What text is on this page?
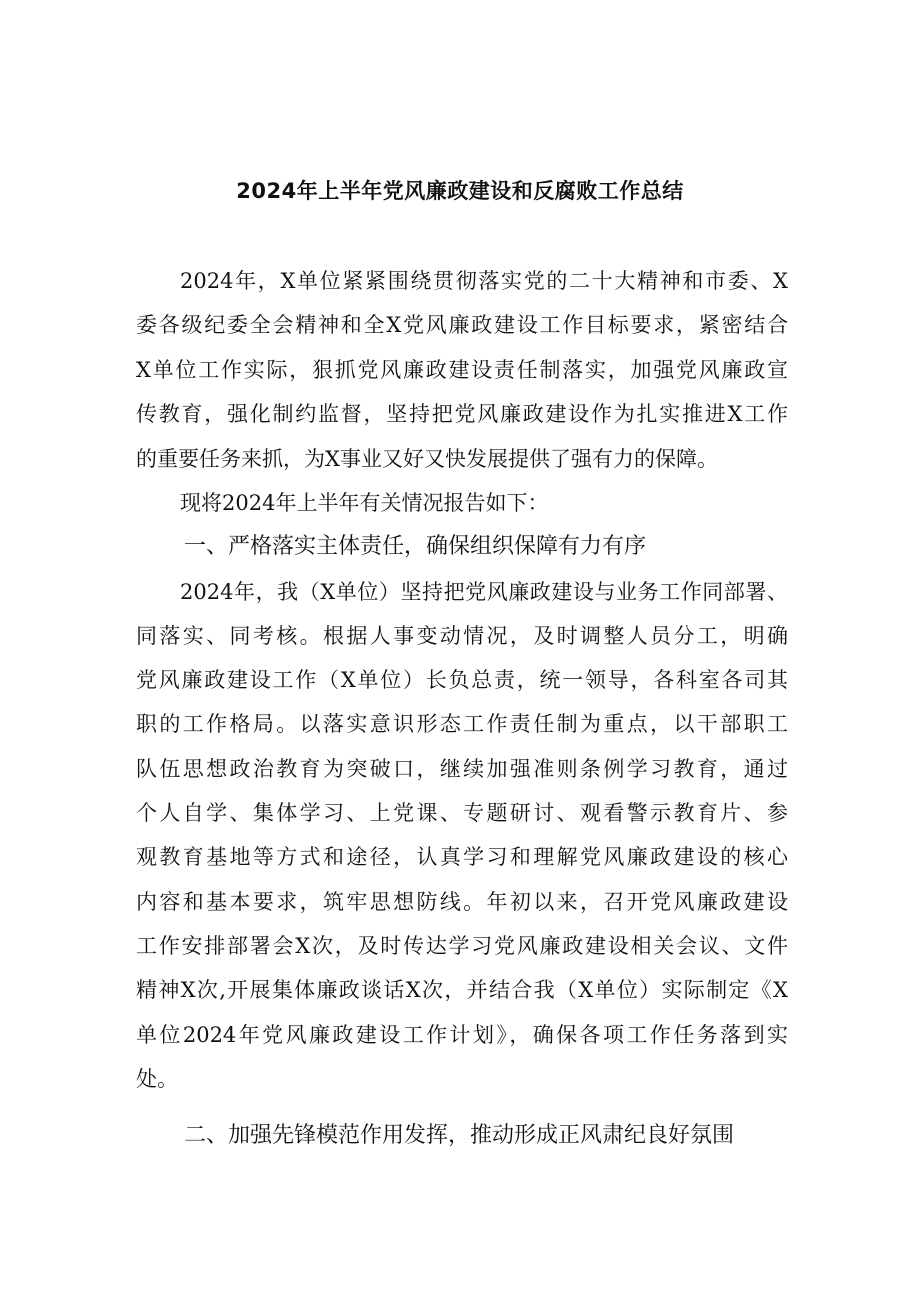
2024年上半年党风廉政建设和反腐败工作总结
2024年，X单位紧紧围绕贯彻落实党的二十大精神和市委、X
委各级纪委全会精神和全X党风廉政建设工作目标要求，紧密结合
X单位工作实际，狠抓党风廉政建设责任制落实，加强党风廉政宣
传教育，强化制约监督，坚持把党风廉政建设作为扎实推进X工作
的重要任务来抓，为X事业又好又快发展提供了强有力的保障。
现将2024年上半年有关情况报告如下：
一、严格落实主体责任，确保组织保障有力有序
2024年，我（X单位）坚持把党风廉政建设与业务工作同部署、
同落实、同考核。根据人事变动情况，及时调整人员分工，明确
党风廉政建设工作（X单位）长负总责，统一领导，各科室各司其
职的工作格局。以落实意识形态工作责任制为重点，以干部职工
队伍思想政治教育为突破口，继续加强准则条例学习教育，通过
个人自学、集体学习、上党课、专题研讨、观看警示教育片、参
观教育基地等方式和途径，认真学习和理解党风廉政建设的核心
内容和基本要求，筑牢思想防线。年初以来，召开党风廉政建设
工作安排部署会X次，及时传达学习党风廉政建设相关会议、文件
精神X次,开展集体廉政谈话X次，并结合我（X单位）实际制定《X
单位2024年党风廉政建设工作计划》，确保各项工作任务落到实
处。
二、加强先锋模范作用发挥，推动形成正风肃纪良好氛围
